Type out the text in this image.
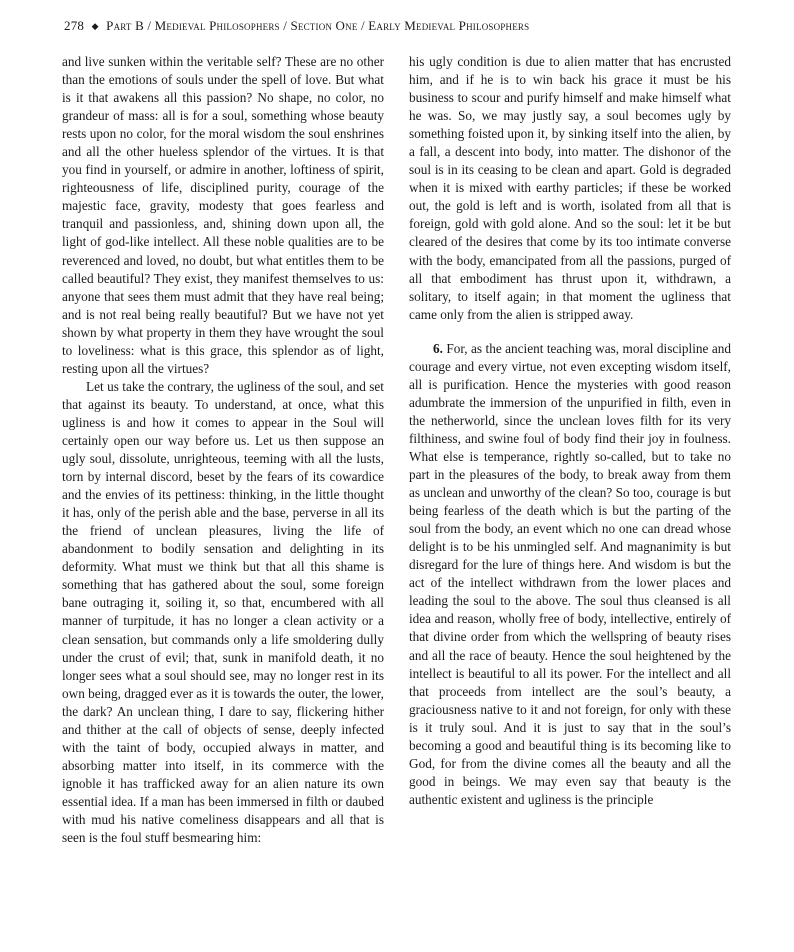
278 ◆ Part B / Medieval Philosophers / Section One / Early Medieval Philosophers

and live sunken within the veritable self? These are no other than the emotions of souls under the spell of love. But what is it that awakens all this passion? No shape, no color, no grandeur of mass: all is for a soul, something whose beauty rests upon no color, for the moral wisdom the soul enshrines and all the other hueless splendor of the virtues. It is that you find in yourself, or admire in another, loftiness of spirit, righteousness of life, disciplined purity, courage of the majestic face, gravity, modesty that goes fearless and tranquil and passionless, and, shining down upon all, the light of god-like intellect. All these noble qualities are to be reverenced and loved, no doubt, but what entitles them to be called beautiful? They exist, they manifest themselves to us: anyone that sees them must admit that they have real being; and is not real being really beautiful? But we have not yet shown by what property in them they have wrought the soul to loveliness: what is this grace, this splendor as of light, resting upon all the virtues?

Let us take the contrary, the ugliness of the soul, and set that against its beauty. To understand, at once, what this ugliness is and how it comes to appear in the Soul will certainly open our way before us. Let us then suppose an ugly soul, dissolute, unrighteous, teeming with all the lusts, torn by internal discord, beset by the fears of its cowardice and the envies of its pettiness: thinking, in the little thought it has, only of the perish able and the base, perverse in all its the friend of unclean pleasures, living the life of abandonment to bodily sensation and delighting in its deformity. What must we think but that all this shame is something that has gathered about the soul, some foreign bane outraging it, soiling it, so that, encumbered with all manner of turpitude, it has no longer a clean activity or a clean sensation, but commands only a life smoldering dully under the crust of evil; that, sunk in manifold death, it no longer sees what a soul should see, may no longer rest in its own being, dragged ever as it is towards the outer, the lower, the dark? An unclean thing, I dare to say, flickering hither and thither at the call of objects of sense, deeply infected with the taint of body, occupied always in matter, and absorbing matter into itself, in its commerce with the ignoble it has trafficked away for an alien nature its own essential idea. If a man has been immersed in filth or daubed with mud his native comeliness disappears and all that is seen is the foul stuff besmearing him:

his ugly condition is due to alien matter that has encrusted him, and if he is to win back his grace it must be his business to scour and purify himself and make himself what he was. So, we may justly say, a soul becomes ugly by something foisted upon it, by sinking itself into the alien, by a fall, a descent into body, into matter. The dishonor of the soul is in its ceasing to be clean and apart. Gold is degraded when it is mixed with earthy particles; if these be worked out, the gold is left and is worth, isolated from all that is foreign, gold with gold alone. And so the soul: let it be but cleared of the desires that come by its too intimate converse with the body, emancipated from all the passions, purged of all that embodiment has thrust upon it, withdrawn, a solitary, to itself again; in that moment the ugliness that came only from the alien is stripped away.

6. For, as the ancient teaching was, moral discipline and courage and every virtue, not even excepting wisdom itself, all is purification. Hence the mysteries with good reason adumbrate the immersion of the unpurified in filth, even in the netherworld, since the unclean loves filth for its very filthiness, and swine foul of body find their joy in foulness. What else is temperance, rightly so-called, but to take no part in the pleasures of the body, to break away from them as unclean and unworthy of the clean? So too, courage is but being fearless of the death which is but the parting of the soul from the body, an event which no one can dread whose delight is to be his unmingled self. And magnanimity is but disregard for the lure of things here. And wisdom is but the act of the intellect withdrawn from the lower places and leading the soul to the above. The soul thus cleansed is all idea and reason, wholly free of body, intellective, entirely of that divine order from which the wellspring of beauty rises and all the race of beauty. Hence the soul heightened by the intellect is beautiful to all its power. For the intellect and all that proceeds from intellect are the soul’s beauty, a graciousness native to it and not foreign, for only with these is it truly soul. And it is just to say that in the soul’s becoming a good and beautiful thing is its becoming like to God, for from the divine comes all the beauty and all the good in beings. We may even say that beauty is the authentic existent and ugliness is the principle
